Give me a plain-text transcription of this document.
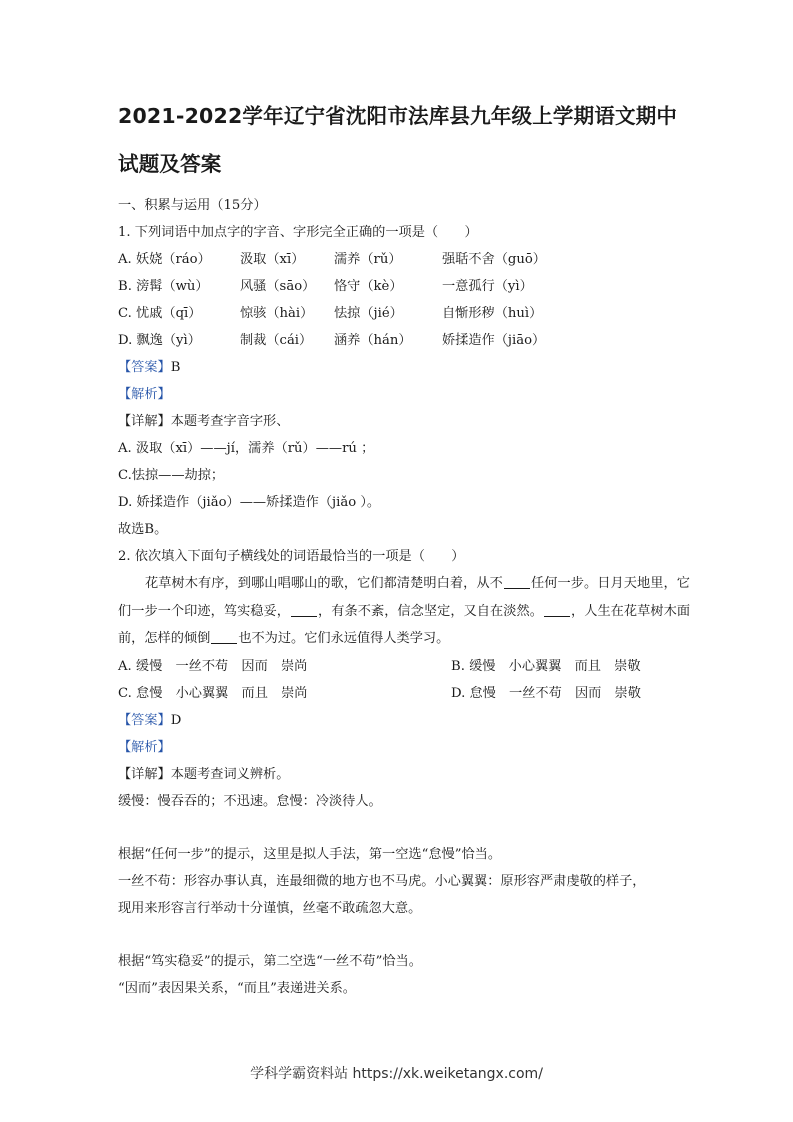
2021-2022学年辽宁省沈阳市法库县九年级上学期语文期中
试题及答案
一、积累与运用（15分）
1. 下列词语中加点字的字音、字形完全正确的一项是（　　）
A. 妖娆（ráo） 汲取（xī） 濡养（rǔ）	强聒不舍（guō）
B. 滂髯（wù） 风骚（sāo） 恪守（kè）	一意孤行（yì）
C. 忧戚（qī）	惊骇（hài） 怯掠（jié）	自惭形秽（huì）
D. 飘逸（yì）	制裁（cái） 涵养（hán） 娇揉造作（jiāo）
【答案】B
【解析】
【详解】本题考查字音字形、
A. 汲取（xī）——jí，濡养（rǔ）——rú ；
C.怯掠——劫掠；
D. 娇揉造作（jiǎo）——矫揉造作（jiǎo ）。
故选B。
2. 依次填入下面句子横线处的词语最恰当的一项是（　　）

花草树木有序，到哪山唱哪山的歌，它们都清楚明白着，从不 任何一步。日月天地里，它们一步一个印迹，笃实稳妥， ，有条不紊，信念坚定，又自在淡然。 ，人生在花草树木面前，怎样的倾倒 也不为过。它们永远值得人类学习。

A. 缓慢　一丝不苟　因而　崇尚	B. 缓慢　小心翼翼　而且　崇敬
C. 怠慢　小心翼翼　而且　崇尚	D. 怠慢　一丝不苟　因而　崇敬
【答案】D
【解析】
【详解】本题考查词义辨析。
缓慢：慢吞吞的；不迅速。怠慢：冷淡待人。
根据“任何一步”的提示，这里是拟人手法，第一空选“怠慢”恰当。
一丝不苟：形容办事认真，连最细微的地方也不马虎。小心翼翼：原形容严肃虔敬的样子，
现用来形容言行举动十分谨慎，丝毫不敢疏忽大意。
根据“笃实稳妥”的提示，第二空选“一丝不苟”恰当。
“因而”表因果关系，“而且”表递进关系。
学科学霸资料站 https://xk.weiketangx.com/
